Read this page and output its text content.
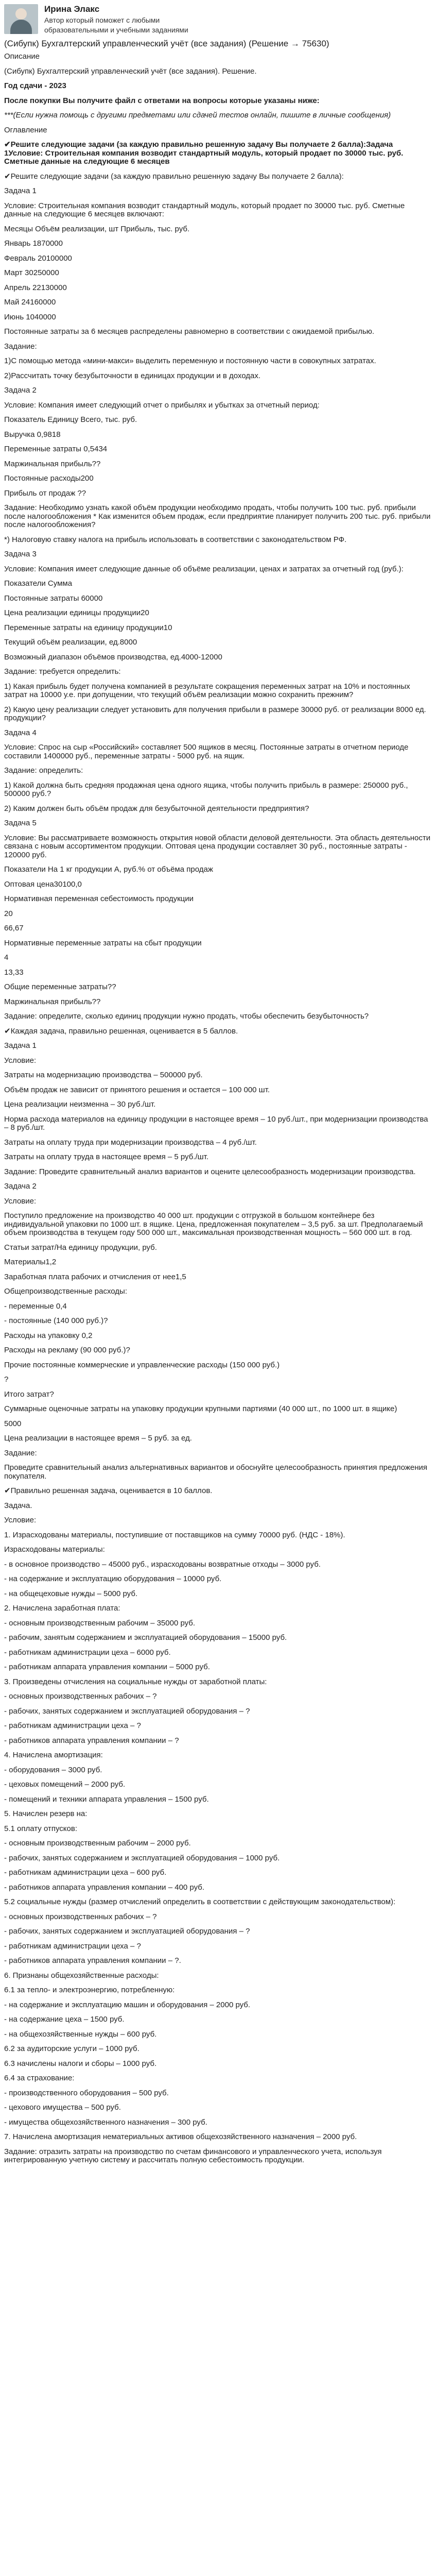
Ирина Элакс
Автор который поможет с любыми образовательными и учебными заданиями
(Сибупк) Бухгалтерский управленческий учёт (все задания) (Решение → 75630)

Описание

(Сибупк) Бухгалтерский управленческий учёт (все задания). Решение.

Год сдачи - 2023

После покупки Вы получите файл с ответами на вопросы которые указаны ниже:

***(Если нужна помощь с другими предметами или сдачей тестов онлайн, пишите в личные сообщения)

Оглавление

✔Решите следующие задачи (за каждую правильно решенную задачу Вы получаете 2 балла):Задача 1Условие: Строительная компания возводит стандартный модуль, который продает по 30000 тыс. руб. Сметные данные на следующие 6 месяцев

✔Решите следующие задачи (за каждую правильно решенную задачу Вы получаете 2 балла):

Задача 1

Условие: Строительная компания возводит стандартный модуль, который продает по 30000 тыс. руб. Сметные данные на следующие 6 месяцев включают:

Месяцы Объём реализации, шт Прибыль, тыс. руб.

Январь 1870000

Февраль 20100000

Март 30250000

Апрель 22130000

Май 24160000

Июнь 1040000

Постоянные затраты за 6 месяцев распределены равномерно в соответствии с ожидаемой прибылью.

Задание:

1)С помощью метода «мини-макси» выделить переменную и постоянную части в совокупных затратах.

2)Рассчитать точку безубыточности в единицах продукции и в доходах.

Задача 2

Условие: Компания имеет следующий отчет о прибылях и убытках за отчетный период:

Показатель Единицу Всего, тыс. руб.

Выручка 0,9818

Переменные затраты 0,5434

Маржинальная прибыль??

Постоянные расходы200

Прибыль от продаж ??

Задание: Необходимо узнать какой объём продукции необходимо продать, чтобы получить 100 тыс. руб. прибыли после налогообложения * Как изменится объем продаж, если предприятие планирует получить 200 тыс. руб. прибыли после налогообложения?

*) Налоговую ставку налога на прибыль использовать в соответствии с законодательством РФ.

Задача 3

Условие: Компания имеет следующие данные об объёме реализации, ценах и затратах за отчетный год (руб.):

Показатели Сумма

Постоянные затраты 60000

Цена реализации единицы продукции20

Переменные затраты на единицу продукции10

Текущий объём реализации, ед.8000

Возможный диапазон объёмов производства, ед.4000-12000

Задание: требуется определить:

1) Какая прибыль будет получена компанией в результате сокращения переменных затрат на 10% и постоянных затрат на 10000 у.е. при допущении, что текущий объём реализации можно сохранить прежним?

2) Какую цену реализации следует установить для получения прибыли в размере 30000 руб. от реализации 8000 ед. продукции?

Задача 4

Условие: Спрос на сыр «Российский» составляет 500 ящиков в месяц. Постоянные затраты в отчетном периоде составили 1400000 руб., переменные затраты - 5000 руб. на ящик.

Задание: определить:

1) Какой должна быть средняя продажная цена одного ящика, чтобы получить прибыль в размере: 250000 руб., 500000 руб.?

2) Каким должен быть объём продаж для безубыточной деятельности предприятия?

Задача 5

Условие: Вы рассматриваете возможность открытия новой области деловой деятельности. Эта область деятельности связана с новым ассортиментом продукции. Оптовая цена продукции составляет 30 руб., постоянные затраты - 120000 руб.

Показатели На 1 кг продукции А, руб.% от объёма продаж

Оптовая цена30100,0

Нормативная переменная себестоимость продукции

20

66,67

Нормативные переменные затраты на сбыт продукции

4

13,33

Общие переменные затраты??

Маржинальная прибыль??

Задание: определите, сколько единиц продукции нужно продать, чтобы обеспечить безубыточность?

✔Каждая задача, правильно решенная, оценивается в 5 баллов.

Задача 1

Условие:

Затраты на модернизацию производства – 500000 руб.

Объём продаж не зависит от принятого решения и остается – 100 000 шт.

Цена реализации неизменна – 30 руб./шт.

Норма расхода материалов на единицу продукции в настоящее время – 10 руб./шт., при модернизации производства – 8 руб./шт.

Затраты на оплату труда при модернизации производства – 4 руб./шт.

Затраты на оплату труда в настоящее время – 5 руб./шт.

Задание: Проведите сравнительный анализ вариантов и оцените целесообразность модернизации производства.

Задача 2

Условие:

Поступило предложение на производство 40 000 шт. продукции с отгрузкой в большом контейнере без индивидуальной упаковки по 1000 шт. в ящике. Цена, предложенная покупателем – 3,5 руб. за шт. Предполагаемый объем производства в текущем году 500 000 шт., максимальная производственная мощность – 560 000 шт. в год.

Статьи затрат/На единицу продукции, руб.

Материалы1,2

Заработная плата рабочих и отчисления от нее1,5

Общепроизводственные расходы:

- переменные 0,4

- постоянные (140 000 руб.)?

Расходы на упаковку 0,2

Расходы на рекламу (90 000 руб.)?

Прочие постоянные коммерческие и управленческие расходы (150 000 руб.)

?

Итого затрат?

Суммарные оценочные затраты на упаковку продукции крупными партиями (40 000 шт., по 1000 шт. в ящике)

5000

Цена реализации в настоящее время – 5 руб. за ед.

Задание:

Проведите сравнительный анализ альтернативных вариантов и обоснуйте целесообразность принятия предложения покупателя.

✔Правильно решенная задача, оценивается в 10 баллов.

Задача.

Условие:

1. Израсходованы материалы, поступившие от поставщиков на сумму 70000 руб. (НДС - 18%).

Израсходованы материалы:

- в основное производство – 45000 руб., израсходованы возвратные отходы – 3000 руб.

- на содержание и эксплуатацию оборудования – 10000 руб.

- на общецеховые нужды – 5000 руб.

2. Начислена заработная плата:

- основным производственным рабочим – 35000 руб.

- рабочим, занятым содержанием и эксплуатацией оборудования – 15000 руб.

- работникам администрации цеха – 6000 руб.

- работникам аппарата управления компании – 5000 руб.

3. Произведены отчисления на социальные нужды от заработной платы:

- основных производственных рабочих – ?

- рабочих, занятых содержанием и эксплуатацией оборудования – ?

- работникам администрации цеха – ?

- работников аппарата управления компании – ?

4. Начислена амортизация:

- оборудования – 3000 руб.

- цеховых помещений – 2000 руб.

- помещений и техники аппарата управления – 1500 руб.

5. Начислен резерв на:

5.1 оплату отпусков:

- основным производственным рабочим – 2000 руб.

- рабочих, занятых содержанием и эксплуатацией оборудования – 1000 руб.

- работникам администрации цеха – 600 руб.

- работников аппарата управления компании – 400 руб.

5.2 социальные нужды (размер отчислений определить в соответствии с действующим законодательством):

- основных производственных рабочих – ?

- рабочих, занятых содержанием и эксплуатацией оборудования – ?

- работникам администрации цеха – ?

- работников аппарата управления компании – ?.

6. Признаны общехозяйственные расходы:

6.1 за тепло- и электроэнергию, потребленную:

- на содержание и эксплуатацию машин и оборудования – 2000 руб.

- на содержание цеха – 1500 руб.

- на общехозяйственные нужды – 600 руб.

6.2 за аудиторские услуги – 1000 руб.

6.3 начислены налоги и сборы – 1000 руб.

6.4 за страхование:

- производственного оборудования – 500 руб.

- цехового имущества – 500 руб.

- имущества общехозяйственного назначения – 300 руб.

7. Начислена амортизация нематериальных активов общехозяйственного назначения – 2000 руб.

Задание: отразить затраты на производство по счетам финансового и управленческого учета, используя интегрированную учетную систему и рассчитать полную себестоимость продукции.
